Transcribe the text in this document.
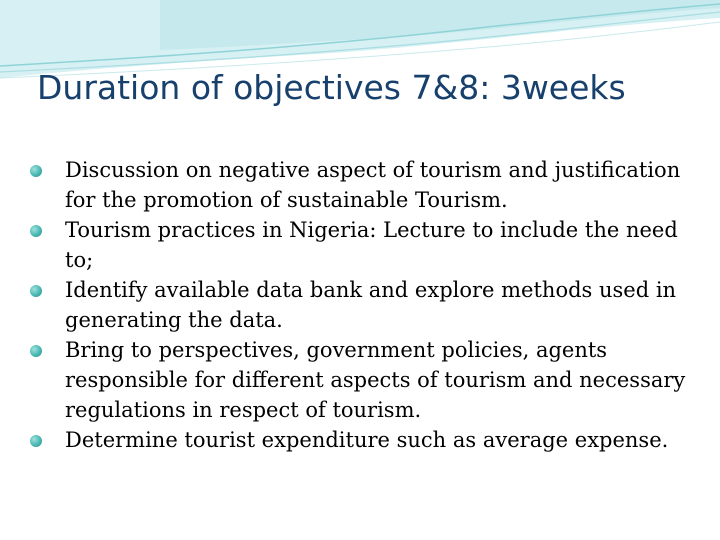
Duration of objectives 7&8: 3weeks
Discussion on negative aspect of tourism and justification for the promotion of sustainable Tourism.
Tourism practices in Nigeria: Lecture to include the need to;
Identify available data bank and explore methods used in generating the data.
Bring to perspectives, government policies, agents responsible for different aspects of tourism and necessary regulations in respect of tourism.
Determine tourist expenditure such as average expense.
